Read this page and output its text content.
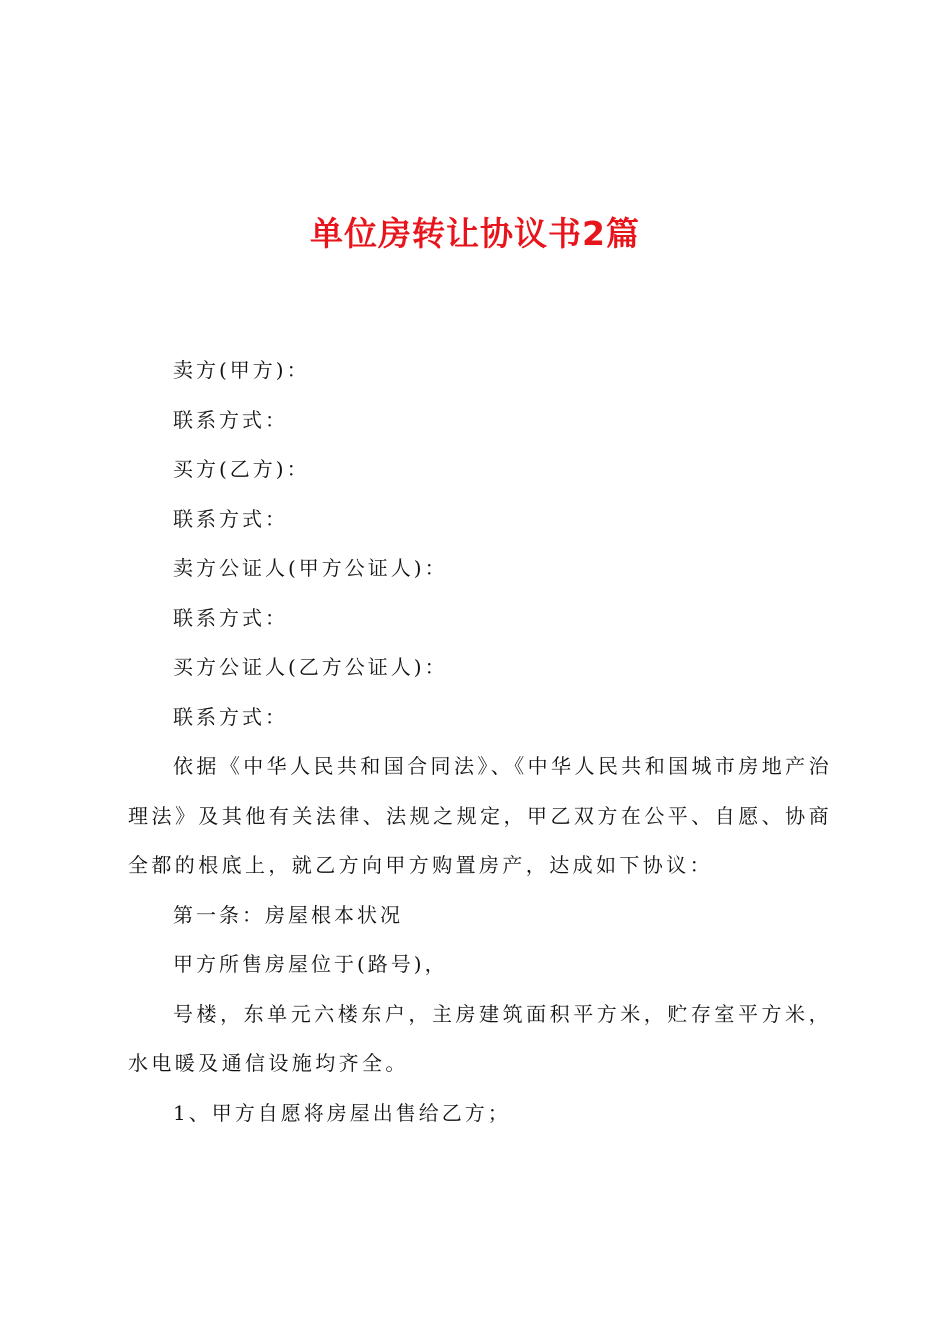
单位房转让协议书2篇

卖方(甲方)：

联系方式：

买方(乙方)：

联系方式：

卖方公证人(甲方公证人)：

联系方式：

买方公证人(乙方公证人)：

联系方式：

依据《中华人民共和国合同法》、《中华人民共和国城市房地产治理法》及其他有关法律、法规之规定，甲乙双方在公平、自愿、协商全都的根底上，就乙方向甲方购置房产，达成如下协议：

第一条：房屋根本状况

甲方所售房屋位于(路号)，

号楼，东单元六楼东户，主房建筑面积平方米，贮存室平方米，水电暖及通信设施均齐全。

1、甲方自愿将房屋出售给乙方；
